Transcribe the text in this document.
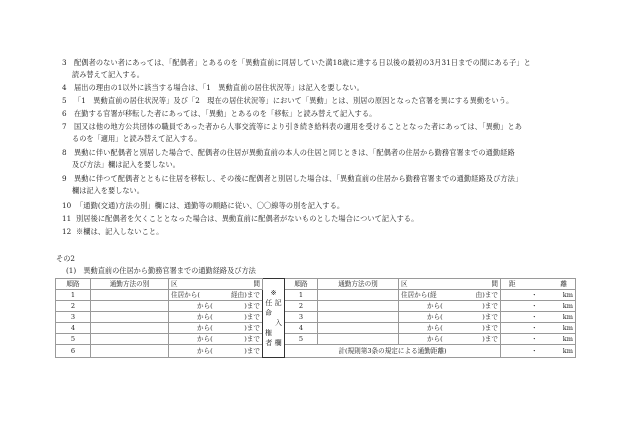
3 配偶者のない者にあっては、「配偶者」とあるのを「異動直前に同居していた満18歳に達する日以後の最初の3月31日までの間にある子」と
読み替えて記入する。
4 届出の理由の1以外に該当する場合は、「1　異動直前の居住状況等」は記入を要しない。
5 「1　異動直前の居住状況等」及び「2　現在の居住状況等」において「異動」とは、別居の原因となった官署を異にする異動をいう。
6 在勤する官署が移転した者にあっては、「異動」とあるのを「移転」と読み替えて記入する。
7 国又は他の地方公共団体の職員であった者から人事交流等により引き続き給料表の適用を受けることとなった者にあっては、「異動」とあ
るのを「適用」と読み替えて記入する。
8 異動に伴い配偶者と別居した場合で、配偶者の住居が異動直前の本人の住居と同じときは、「配偶者の住居から勤務官署までの通勤経路
及び方法」欄は記入を要しない。
9 異動に伴つて配偶者とともに住居を移転し、その後に配偶者と別居した場合は、「異動直前の住居から勤務官署までの通勤経路及び方法」
欄は記入を要しない。
10 「通勤(交通)方法の別」欄には、通勤等の順路に従い、〇〇線等の別を記入する。
11 別居後に配偶者を欠くこととなった場合は、異動直前に配偶者がないものとした場合について記入する。
12 ※欄は、記入しないこと。
その2
(1)　異動直前の住居から勤務官署までの通勤経路及び方法
順路	通勤方法の別	区	間

※
任 記
命
入
権
者 欄
	順路	通勤方法の別	区	間	距	離

1		住居から( 経由)まで		1		住居から(経 由)まで	・ km

2		から( )まで		2		から( )まで	・ km

3		から( )まで		3		から( )まで	・ km

4		から( )まで		4		から( )まで	・ km

5		から( )まで		5		から( )まで	・ km

6		から( )まで		計(規則第3条の規定による通勤距離)			・ km
